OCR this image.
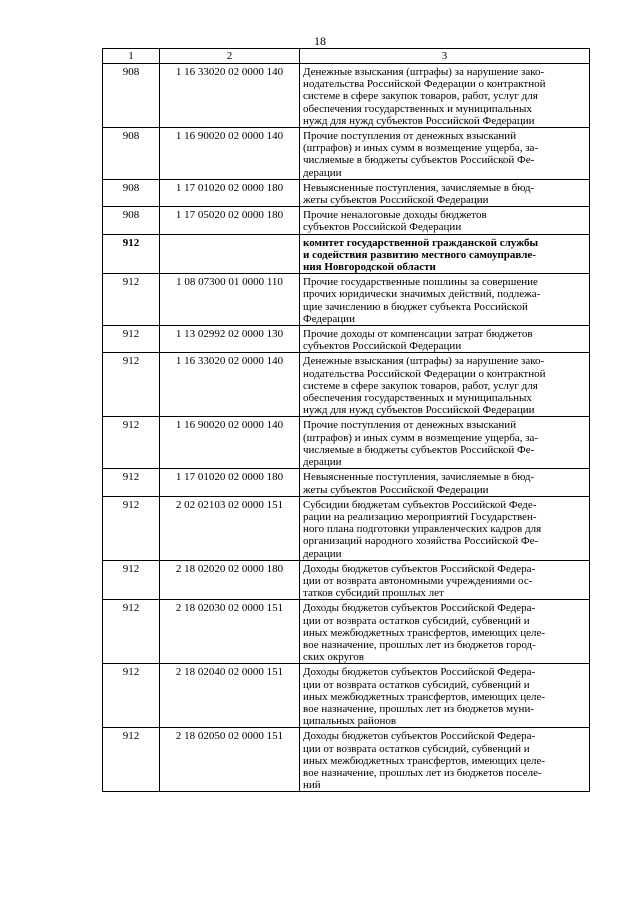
18
1	2	3
908	1 16 33020 02 0000 140	Денежные взыскания (штрафы) за нарушение зако-
нодательства Российской Федерации о контрактной
системе в сфере закупок товаров, работ, услуг для
обеспечения государственных и муниципальных
нужд для нужд субъектов Российской Федерации

908	1 16 90020 02 0000 140	Прочие поступления от денежных взысканий
(штрафов) и иных сумм в возмещение ущерба, за-
числяемые в бюджеты субъектов Российской Фе-
дерации

908	1 17 01020 02 0000 180	Невыясненные поступления, зачисляемые в бюд-
жеты субъектов Российской Федерации

908	1 17 05020 02 0000 180	Прочие неналоговые доходы бюджетов
субъектов Российской Федерации

912		комитет государственной гражданской службы
и содействия развитию местного самоуправле-
ния Новгородской области

912	1 08 07300 01 0000 110	Прочие государственные пошлины за совершение
прочих юридически значимых действий, подлежа-
щие зачислению в бюджет субъекта Российской
Федерации

912	1 13 02992 02 0000 130	Прочие доходы от компенсации затрат бюджетов
субъектов Российской Федерации

912	1 16 33020 02 0000 140	Денежные взыскания (штрафы) за нарушение зако-
нодательства Российской Федерации о контрактной
системе в сфере закупок товаров, работ, услуг для
обеспечения государственных и муниципальных
нужд для нужд субъектов Российской Федерации

912	1 16 90020 02 0000 140	Прочие поступления от денежных взысканий
(штрафов) и иных сумм в возмещение ущерба, за-
числяемые в бюджеты субъектов Российской Фе-
дерации

912	1 17 01020 02 0000 180	Невыясненные поступления, зачисляемые в бюд-
жеты субъектов Российской Федерации

912	2 02 02103 02 0000 151	Субсидии бюджетам субъектов Российской Феде-
рации на реализацию мероприятий Государствен-
ного плана подготовки управленческих кадров для
организаций народного хозяйства Российской Фе-
дерации

912	2 18 02020 02 0000 180	Доходы бюджетов субъектов Российской Федера-
ции от возврата автономными учреждениями ос-
татков субсидий прошлых лет

912	2 18 02030 02 0000 151	Доходы бюджетов субъектов Российской Федера-
ции от возврата остатков субсидий, субвенций и
иных межбюджетных трансфертов, имеющих целе-
вое назначение, прошлых лет из бюджетов город-
ских округов

912	2 18 02040 02 0000 151	Доходы бюджетов субъектов Российской Федера-
ции от возврата остатков субсидий, субвенций и
иных межбюджетных трансфертов, имеющих целе-
вое назначение, прошлых лет из бюджетов муни-
ципальных районов

912	2 18 02050 02 0000 151	Доходы бюджетов субъектов Российской Федера-
ции от возврата остатков субсидий, субвенций и
иных межбюджетных трансфертов, имеющих целе-
вое назначение, прошлых лет из бюджетов поселе-
ний
